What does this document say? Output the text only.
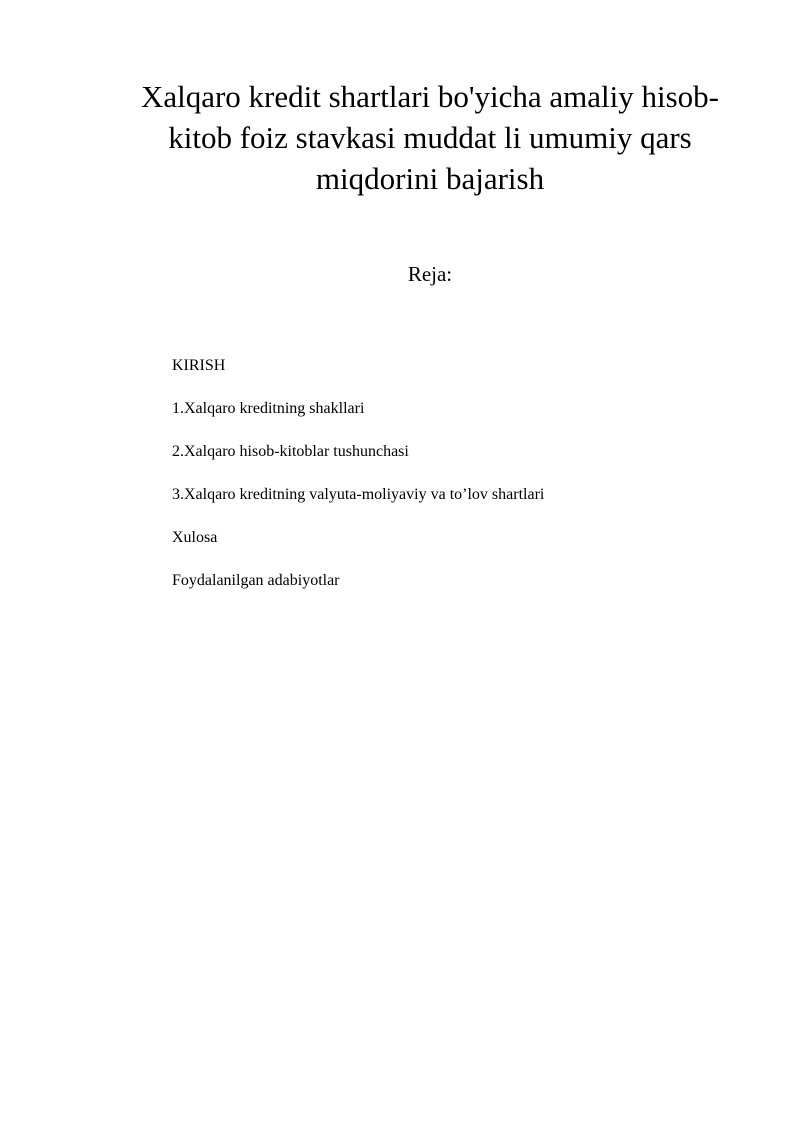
Xalqaro kredit shartlari bo'yicha amaliy hisob-kitob foiz stavkasi muddat li umumiy qars miqdorini bajarish
Reja:
KIRISH
1.Xalqaro kreditning shakllari
2.Xalqaro hisob-kitoblar tushunchasi
3.Xalqaro kreditning valyuta-moliyaviy va to’lov shartlari
Xulosa
Foydalanilgan adabiyotlar
